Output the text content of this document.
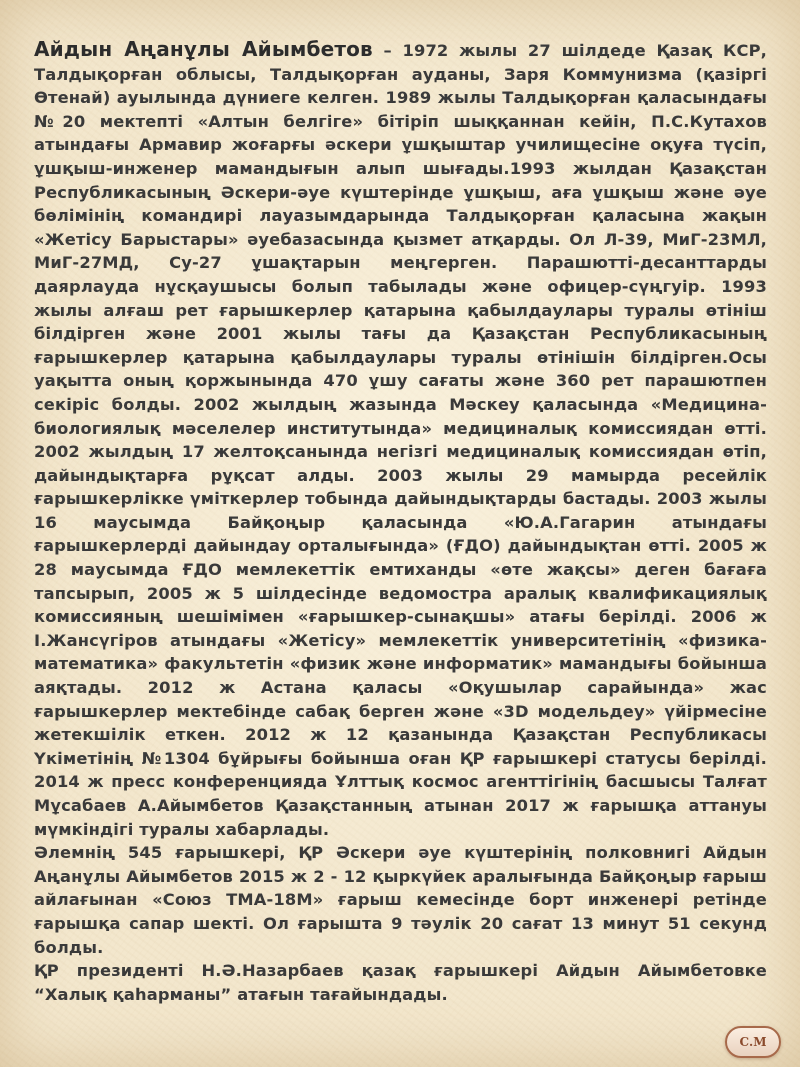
Айдын Аңанұлы Айымбетов – 1972 жылы 27 шілдеде Қазақ КСР, Талдықорған облысы, Талдықорған ауданы, Заря Коммунизма (қазіргі Өтенай) ауылында дүниеге келген. 1989 жылы Талдықорған қаласындағы №20 мектепті «Алтын белгіге» бітіріп шыққаннан кейін, П.С.Кутахов атындағы Армавир жоғарғы әскери ұшқыштар училищесіне оқуға түсіп, ұшқыш-инженер мамандығын алып шығады.1993 жылдан Қазақстан Республикасының Әскери-әуе күштерінде ұшқыш, аға ұшқыш және әуе бөлімінің командирі лауазымдарында Талдықорған қаласына жақын «Жетісу Барыстары» әуебазасында қызмет атқарды. Ол Л-39, МиГ-23МЛ, МиГ-27МД, Су-27 ұшақтарын меңгерген. Парашютті-десанттарды даярлауда нұсқаушысы болып табылады және офицер-сүңгуір. 1993 жылы алғаш рет ғарышкерлер қатарына қабылдаулары туралы өтініш білдірген және 2001 жылы тағы да Қазақстан Республикасының ғарышкерлер қатарына қабылдаулары туралы өтінішін білдірген.Осы уақытта оның қоржынында 470 ұшу сағаты және 360 рет парашютпен секіріс болды. 2002 жылдың жазында Мәскеу қаласында «Медицина-биологиялық мәселелер институтында» медициналық комиссиядан өтті. 2002 жылдың 17 желтоқсанында негізгі медициналық комиссиядан өтіп, дайындықтарға рұқсат алды. 2003 жылы 29 мамырда ресейлік ғарышкерлікке үміткерлер тобында дайындықтарды бастады. 2003 жылы 16 маусымда Байқоңыр қаласында «Ю.А.Гагарин атындағы ғарышкерлерді дайындау орталығында» (ҒДО) дайындықтан өтті. 2005 ж 28 маусымда ҒДО мемлекеттік емтиханды «өте жақсы» деген бағаға тапсырып, 2005 ж 5 шілдесінде ведомостра аралық квалификациялық комиссияның шешімімен «ғарышкер-сынақшы» атағы берілді. 2006 ж І.Жансүгіров атындағы «Жетісу» мемлекеттік университетінің «физика-математика» факультетін «физик және информатик» мамандығы бойынша аяқтады. 2012 ж Астана қаласы «Оқушылар сарайында» жас ғарышкерлер мектебінде сабақ берген және «3D модельдеу» үйірмесіне жетекшілік еткен. 2012 ж 12 қазанында Қазақстан Республикасы Үкіметінің №1304 бұйрығы бойынша оған ҚР ғарышкері статусы берілді. 2014 ж пресс конференцияда Ұлттық космос агенттігінің басшысы Талғат Мұсабаев А.Айымбетов Қазақстанның атынан 2017 ж ғарышқа аттануы мүмкіндігі туралы хабарлады.

Әлемнің 545 ғарышкері, ҚР Әскери әуе күштерінің полковнигі Айдын Аңанұлы Айымбетов 2015 ж 2 - 12 қыркүйек аралығында Байқоңыр ғарыш айлағынан «Союз ТМА-18М» ғарыш кемесінде борт инженері ретінде ғарышқа сапар шекті. Ол ғарышта 9 тәулік 20 сағат 13 минут 51 секунд болды.

ҚР президенті Н.Ә.Назарбаев қазақ ғарышкері Айдын Айымбетовке “Халық қаһарманы” атағын тағайындады.

С.М
